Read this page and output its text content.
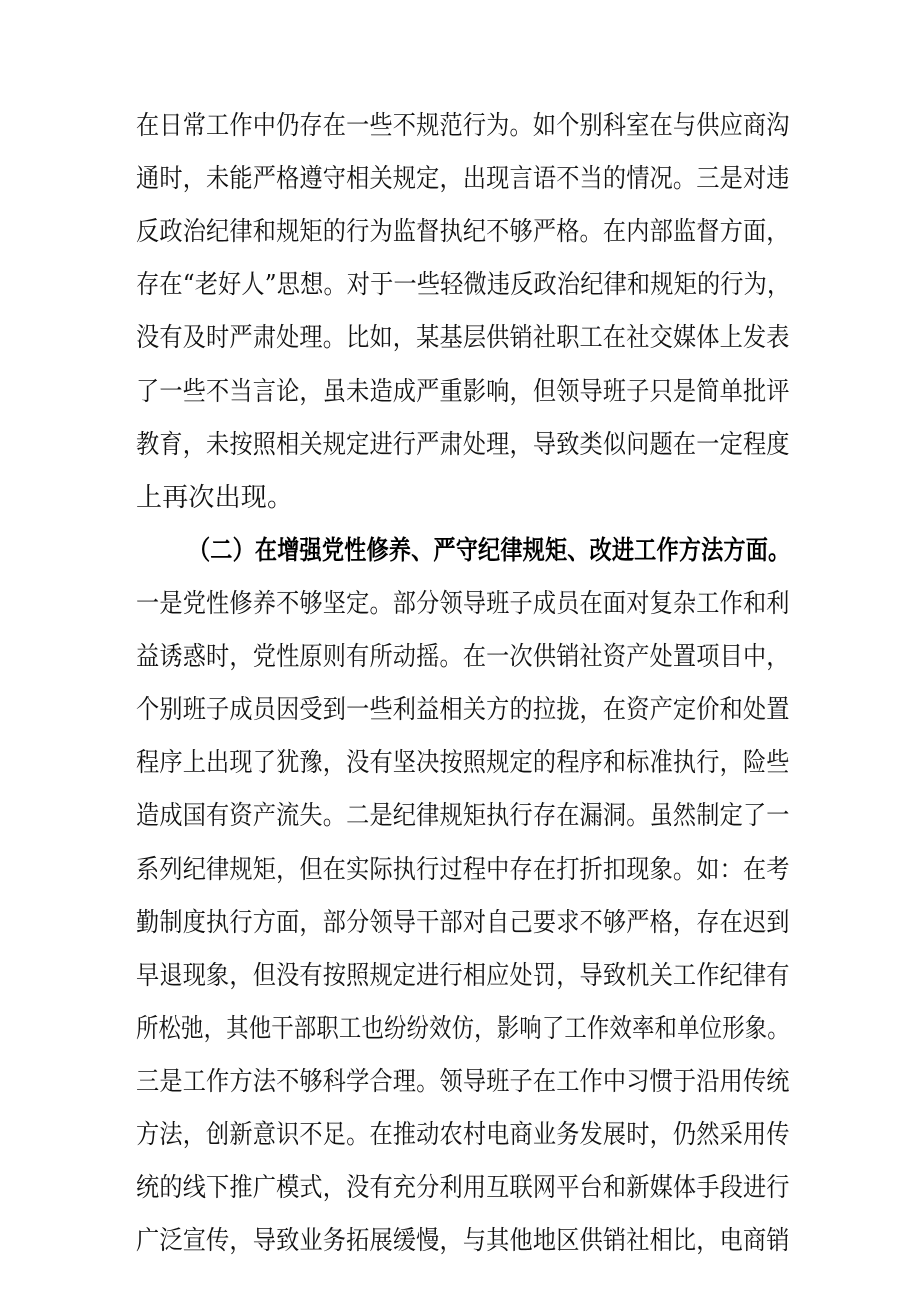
在日常工作中仍存在一些不规范行为。如个别科室在与供应商沟
通时，未能严格遵守相关规定，出现言语不当的情况。三是对违
反政治纪律和规矩的行为监督执纪不够严格。在内部监督方面，
存在“老好人”思想。对于一些轻微违反政治纪律和规矩的行为，
没有及时严肃处理。比如，某基层供销社职工在社交媒体上发表
了一些不当言论，虽未造成严重影响，但领导班子只是简单批评
教育，未按照相关规定进行严肃处理，导致类似问题在一定程度
上再次出现。
（二）在增强党性修养、严守纪律规矩、改进工作方法方面。
一是党性修养不够坚定。部分领导班子成员在面对复杂工作和利
益诱惑时，党性原则有所动摇。在一次供销社资产处置项目中，
个别班子成员因受到一些利益相关方的拉拢，在资产定价和处置
程序上出现了犹豫，没有坚决按照规定的程序和标准执行，险些
造成国有资产流失。二是纪律规矩执行存在漏洞。虽然制定了一
系列纪律规矩，但在实际执行过程中存在打折扣现象。如：在考
勤制度执行方面，部分领导干部对自己要求不够严格，存在迟到
早退现象，但没有按照规定进行相应处罚，导致机关工作纪律有
所松弛，其他干部职工也纷纷效仿，影响了工作效率和单位形象。
三是工作方法不够科学合理。领导班子在工作中习惯于沿用传统
方法，创新意识不足。在推动农村电商业务发展时，仍然采用传
统的线下推广模式，没有充分利用互联网平台和新媒体手段进行
广泛宣传，导致业务拓展缓慢，与其他地区供销社相比，电商销
